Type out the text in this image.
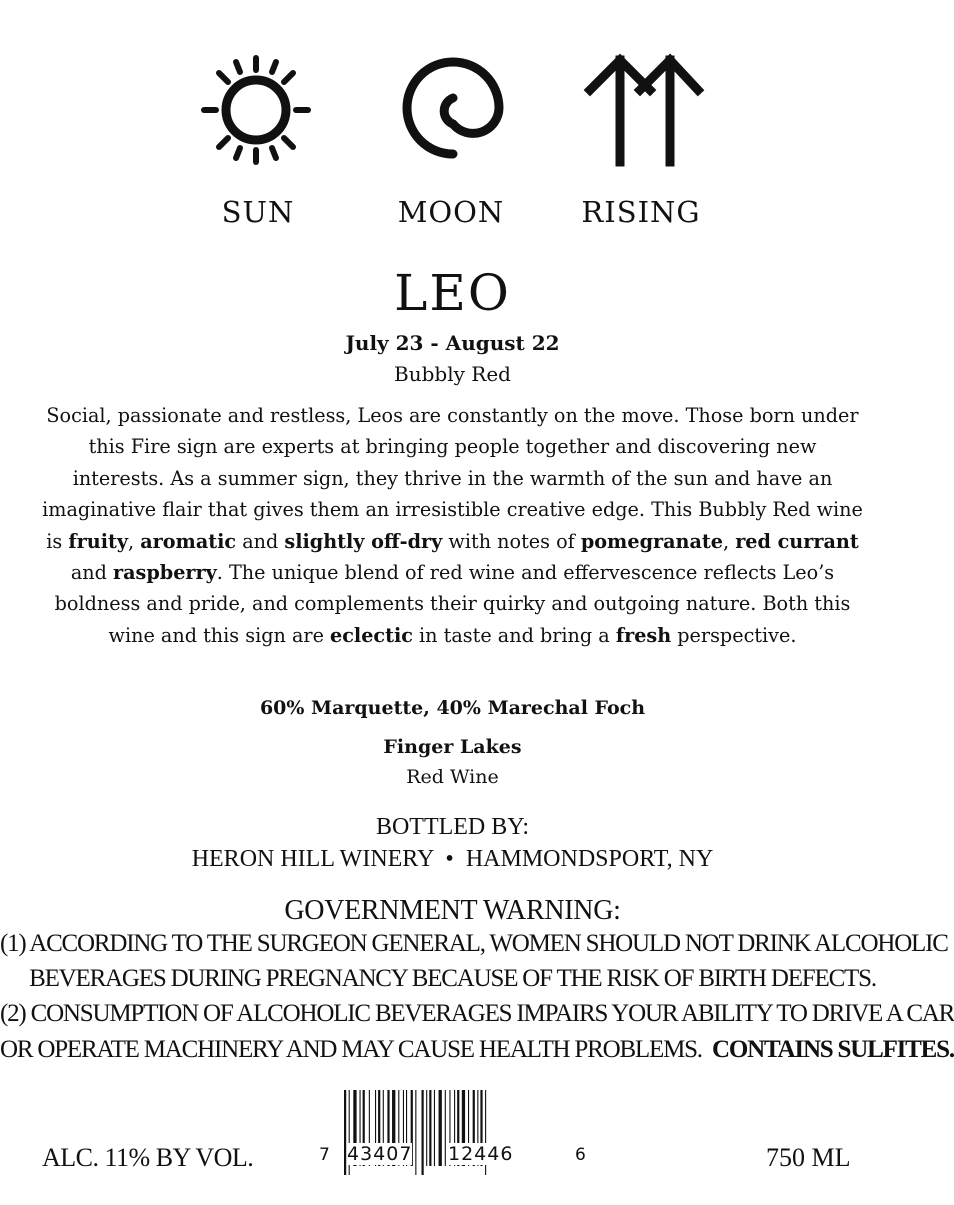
SUN	MOON	RISING
LEO
July 23 - August 22
Bubbly Red
Social, passionate and restless, Leos are constantly on the move. Those born under this Fire sign are experts at bringing people together and discovering new interests. As a summer sign, they thrive in the warmth of the sun and have an imaginative flair that gives them an irresistible creative edge. This Bubbly Red wine is fruity, aromatic and slightly off-dry with notes of pomegranate, red currant and raspberry. The unique blend of red wine and effervescence reflects Leo’s boldness and pride, and complements their quirky and outgoing nature. Both this wine and this sign are eclectic in taste and bring a fresh perspective.
60% Marquette, 40% Marechal Foch
Finger Lakes
Red Wine
BOTTLED BY:
HERON HILL WINERY  •  HAMMONDSPORT, NY
GOVERNMENT WARNING:
(1) ACCORDING TO THE SURGEON GENERAL, WOMEN SHOULD NOT DRINK ALCOHOLIC
BEVERAGES DURING PREGNANCY BECAUSE OF THE RISK OF BIRTH DEFECTS.
(2) CONSUMPTION OF ALCOHOLIC BEVERAGES IMPAIRS YOUR ABILITY TO DRIVE A CAR
OR OPERATE MACHINERY AND MAY CAUSE HEALTH PROBLEMS. CONTAINS SULFITES.
ALC. 11% BY VOL.	7 43407 12446	6	750 ML
